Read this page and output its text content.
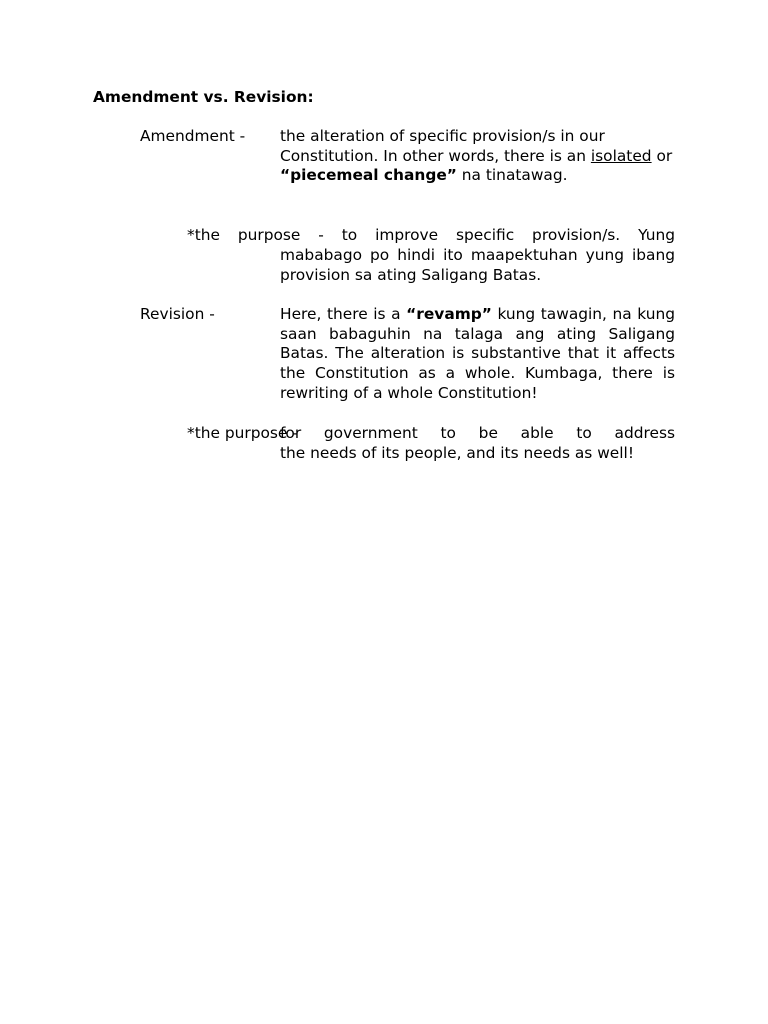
Amendment vs. Revision:
Amendment - the alteration of specific provision/s in our Constitution. In other words, there is an isolated or “piecemeal change” na tinatawag.
*the purpose - to improve specific provision/s. Yung
mababago po hindi ito maapektuhan yung ibang provision sa ating Saligang Batas.
Revision -	Here, there is a “revamp” kung tawagin, na kung saan babaguhin na talaga ang ating Saligang Batas. The alteration is substantive that it affects the Constitution as a whole. Kumbaga, there is rewriting of a whole Constitution!
*the purpose -
for government to be able to address
the needs of its people, and its needs as well!
